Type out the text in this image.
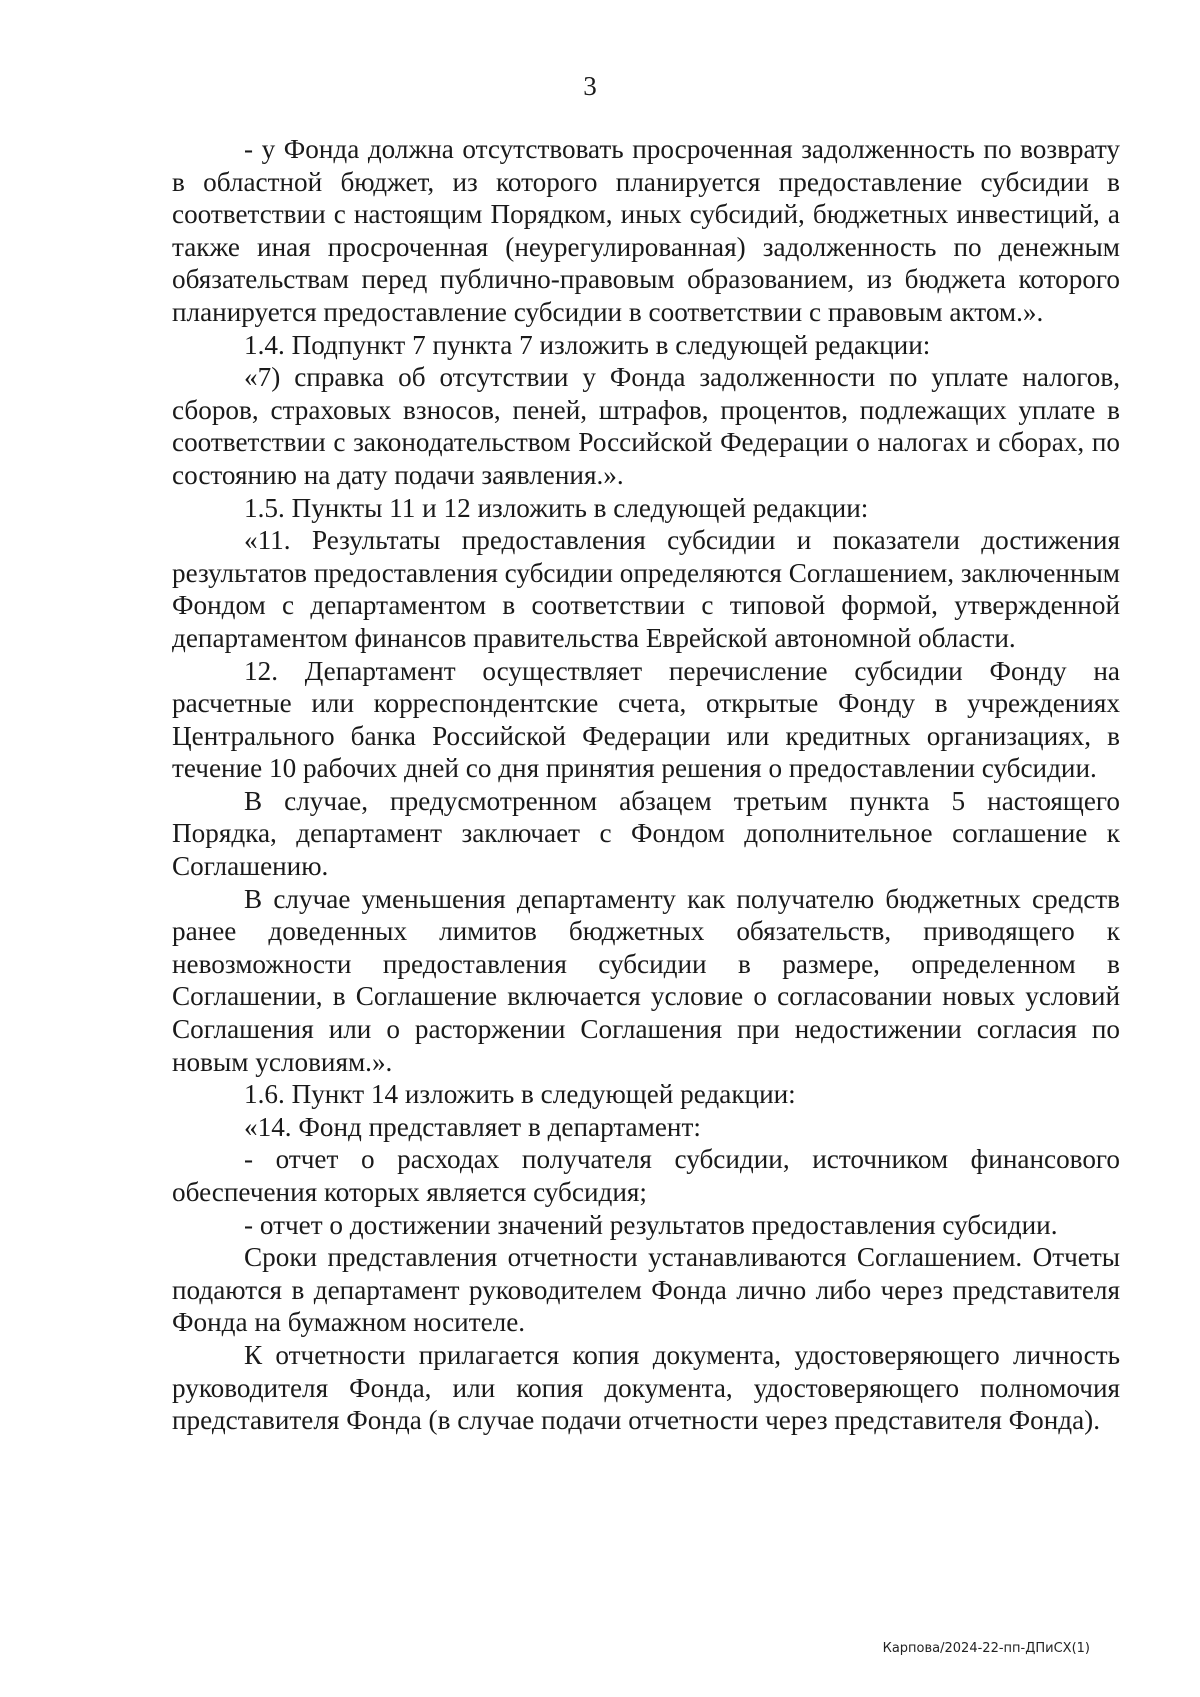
3

- у Фонда должна отсутствовать просроченная задолженность по возврату в областной бюджет, из которого планируется предоставление субсидии в соответствии с настоящим Порядком, иных субсидий, бюджетных инвестиций, а также иная просроченная (неурегулированная) задолженность по денежным обязательствам перед публично-правовым образованием, из бюджета которого планируется предоставление субсидии в соответствии с правовым актом.».

1.4. Подпункт 7 пункта 7 изложить в следующей редакции:

«7) справка об отсутствии у Фонда задолженности по уплате налогов, сборов, страховых взносов, пеней, штрафов, процентов, подлежащих уплате в соответствии с законодательством Российской Федерации о налогах и сборах, по состоянию на дату подачи заявления.».

1.5. Пункты 11 и 12 изложить в следующей редакции:

«11. Результаты предоставления субсидии и показатели достижения результатов предоставления субсидии определяются Соглашением, заключенным Фондом с департаментом в соответствии с типовой формой, утвержденной департаментом финансов правительства Еврейской автономной области.

12. Департамент осуществляет перечисление субсидии Фонду на расчетные или корреспондентские счета, открытые Фонду в учреждениях Центрального банка Российской Федерации или кредитных организациях, в течение 10 рабочих дней со дня принятия решения о предоставлении субсидии.

В случае, предусмотренном абзацем третьим пункта 5 настоящего Порядка, департамент заключает с Фондом дополнительное соглашение к Соглашению.

В случае уменьшения департаменту как получателю бюджетных средств ранее доведенных лимитов бюджетных обязательств, приводящего к невозможности предоставления субсидии в размере, определенном в Соглашении, в Соглашение включается условие о согласовании новых условий Соглашения или о расторжении Соглашения при недостижении согласия по новым условиям.».

1.6. Пункт 14 изложить в следующей редакции:

«14. Фонд представляет в департамент:

- отчет о расходах получателя субсидии, источником финансового обеспечения которых является субсидия;

- отчет о достижении значений результатов предоставления субсидии.

Сроки представления отчетности устанавливаются Соглашением. Отчеты подаются в департамент руководителем Фонда лично либо через представителя Фонда на бумажном носителе.

К отчетности прилагается копия документа, удостоверяющего личность руководителя Фонда, или копия документа, удостоверяющего полномочия представителя Фонда (в случае подачи отчетности через представителя Фонда).

Карпова/2024-22-пп-ДПиСХ(1)
